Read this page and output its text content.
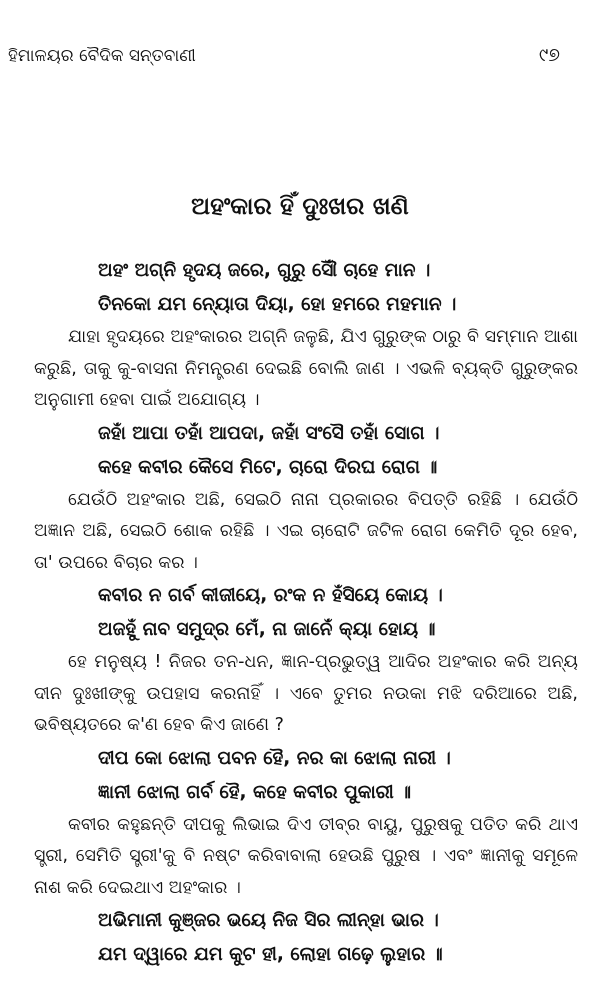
ହିମାଳୟର ବୈଦିକ ସନ୍ତବାଣୀ	୯୭
ଅହଂକାର ହିଁ ଦୁଃଖର ଖଣି
ଅହଂ ଅଗ୍ନି ହୃଦୟ ଜରେ, ଗୁରୁ ସୌଁ ଚାହେ ମାନ ।
ତିନକୋ ଯମ ନ୍ୟୋତା ଦିୟା, ହୋ ହମରେ ମହମାନ ।

ଯାହା ହୃଦୟରେ ଅହଂକାରର ଅଗ୍ନି ଜଳୁଛି, ଯିଏ ଗୁରୁଙ୍କ ଠାରୁ ବି ସମ୍ମାନ ଆଶା କରୁଛି, ତାକୁ କୁ-ବାସନା ନିମନ୍ତ୍ରଣ ଦେଇଛି ବୋଲି ଜାଣ । ଏଭଳି ବ୍ୟକ୍ତି ଗୁରୁଙ୍କର ଅନୁଗାମୀ ହେବା ପାଇଁ ଅଯୋଗ୍ୟ ।

ଜହାଁ ଆପା ତହାଁ ଆପଦା, ଜହାଁ ସଂସୈ ତହାଁ ସୋଗ ।
କହେ କବୀର କୈସେ ମିଟେ, ଚାରୋ ଦିରଘ ରୋଗ ॥

ଯେଉଁଠି ଅହଂକାର ଅଛି, ସେଇଠି ନାନା ପ୍ରକାରର ବିପତ୍ତି ରହିଛି । ଯେଉଁଠି ଅଜ୍ଞାନ ଅଛି, ସେଇଠି ଶୋକ ରହିଛି । ଏଇ ଚାରୋଟି ଜଟିଳ ରୋଗ କେମିତି ଦୂର ହେବ, ତା' ଉପରେ ବିଚାର କର ।

କବୀର ନ ଗର୍ବ କୀଜୀୟେ, ରଂକ ନ ହଁସିୟେ କୋୟ ।
ଅଜହୁଁ ନାବ ସମୁଦ୍ର ମେଁ, ନା ଜାନେଁ କ୍ୟା ହୋୟ ॥

ହେ ମନୁଷ୍ୟ ! ନିଜର ତନ-ଧନ, ଜ୍ଞାନ-ପ୍ରଭୁତ୍ୱ ଆଦିର ଅହଂକାର କରି ଅନ୍ୟ ଦୀନ ଦୁଃଖୀଙ୍କୁ ଉପହାସ କରନାହିଁ । ଏବେ ତୁମର ନଉକା ମଝି ଦରିଆରେ ଅଛି, ଭବିଷ୍ୟତରେ କ'ଣ ହେବ କିଏ ଜାଣେ ?

ଦୀପ କୋ ଝୋଲା ପବନ ହୈ, ନର କା ଝୋଲା ନାରୀ ।
ଜ୍ଞାନୀ ଝୋଲା ଗର୍ବ ହୈ, କହେ କବୀର ପୁକାରୀ ॥

କବୀର କହୁଛନ୍ତି ଦୀପକୁ ଲିଭାଇ ଦିଏ ତୀବ୍ର ବାୟୁ, ପୁରୁଷକୁ ପତିତ କରି ଥାଏ ସ୍ତ୍ରୀ, ସେମିତି ସ୍ତ୍ରୀ'କୁ ବି ନଷ୍ଟ କରିବାବାଲା ହେଉଛି ପୁରୁଷ । ଏବଂ ଜ୍ଞାନୀକୁ ସମୂଳେ ନାଶ କରି ଦେଇଥାଏ ଅହଂକାର ।

ଅଭିମାନୀ କୁଞ୍ଜର ଭୟେ ନିଜ ସିର ଲୀନ୍ହା ଭାର ।
ଯମ ଦ୍ୱାରେ ଯମ କୁଟ ହୀ, ଲୋହା ଗଢ଼େ ଲୁହାର ॥
